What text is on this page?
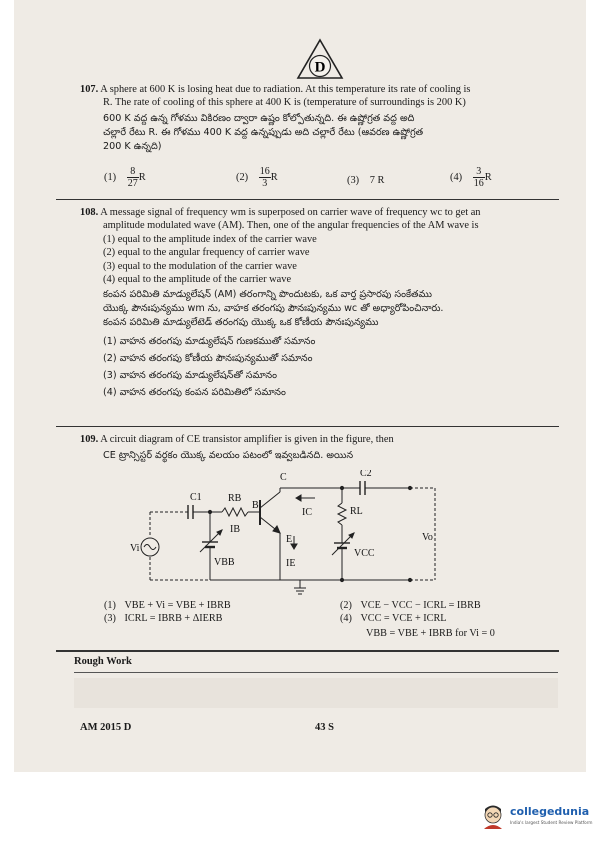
D
107. A sphere at 600 K is losing heat due to radiation. At this temperature its rate of cooling is
R. The rate of cooling of this sphere at 400 K is (temperature of surroundings is 200 K)
600 K వద్ద ఉన్న గోళము వికిరణం ద్వారా ఉష్ణం కోల్పోతున్నది. ఈ ఉష్ణోగ్రత వద్ద అది
చల్లారే రేటు R. ఈ గోళము 400 K వద్ద ఉన్నప్పుడు అది చల్లారే రేటు (ఆవరణ ఉష్ణోగ్రత
200 K ఉన్నది)
$(1) \frac{8}{27}$ R	$(2) \frac{16}{3}$ R	(3) 7 R	$(4) \frac{3}{16}$ R
108. A message signal of frequency wm is superposed on carrier wave of frequency wc to get an
amplitude modulated wave (AM). Then, one of the angular frequencies of the AM wave is
(1) equal to the amplitude index of the carrier wave
(2) equal to the angular frequency of carrier wave
(3) equal to the modulation of the carrier wave
(4) equal to the amplitude of the carrier wave
కంపన పరిమితి మాడ్యులేషన్ (AM) తరంగాన్ని పొందుటకు, ఒక వార్త ప్రసారపు సంకేతము
యొక్క పౌనఃపున్యము wm ను, వాహక తరంగపు పౌనఃపున్యము wc తో అధ్యారోపించినారు.
కంపన పరిమితి మాడ్యులేటెడ్ తరంగపు యొక్క ఒక కోణీయ పౌనఃపున్యము
(1) వాహన తరంగపు మాడ్యులేషన్ గుణకముతో సమానం
(2) వాహన తరంగపు కోణీయ పౌనఃపున్యముతో సమానం
(3) వాహన తరంగపు మాడ్యులేషన్‌తో సమానం
(4) వాహన తరంగపు కంపన పరిమితిలో సమానం
109. A circuit diagram of CE transistor amplifier is given in the figure, then
CE ట్రాన్సిస్టర్ వర్థకం యొక్క వలయం పటంలో ఇవ్వబడినది. అయిన
C
C1
C2
RB
B
IB
IC	RL
E
IE
Vi
VBB
VCC
Vo
(1) VBE + Vi = VBE + IBRB
(3) ICRL = IBRB + ΔIERB
(2) VCE − VCC − ICRL = IBRB
(4) VCC = VCE + ICRL
VBB = VBE + IBRB for Vi = 0
Rough Work
AM 2015 D	43 S
collegedunia
India's largest Student Review Platform
